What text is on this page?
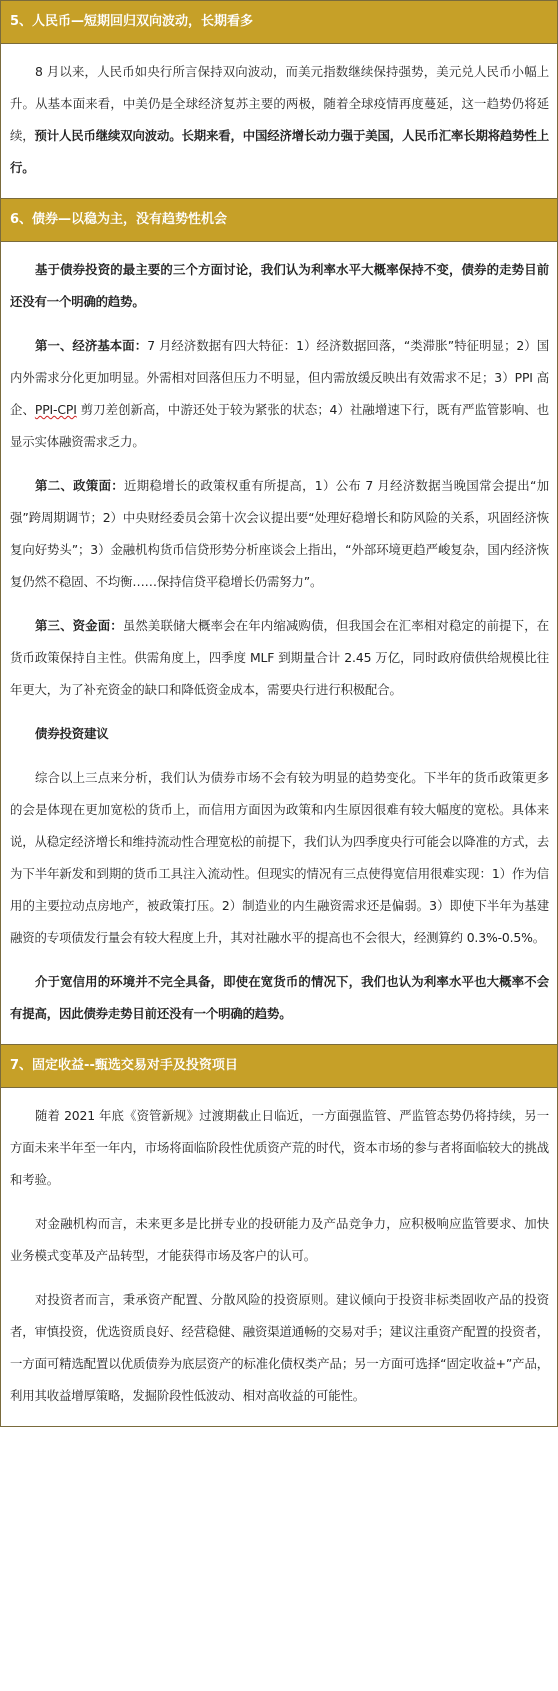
5、人民币—短期回归双向波动，长期看多

8 月以来，人民币如央行所言保持双向波动，而美元指数继续保持强势，美元兑人民币小幅上升。从基本面来看，中美仍是全球经济复苏主要的两极，随着全球疫情再度蔓延，这一趋势仍将延续，预计人民币继续双向波动。长期来看，中国经济增长动力强于美国，人民币汇率长期将趋势性上行。

6、债券—以稳为主，没有趋势性机会

基于债券投资的最主要的三个方面讨论，我们认为利率水平大概率保持不变，债券的走势目前还没有一个明确的趋势。

第一、经济基本面：7 月经济数据有四大特征：1）经济数据回落，“类滞胀”特征明显；2）国内外需求分化更加明显。外需相对回落但压力不明显，但内需放缓反映出有效需求不足；3）PPI 高企、PPI-CPI 剪刀差创新高，中游还处于较为紧张的状态；4）社融增速下行，既有严监管影响、也显示实体融资需求乏力。

第二、政策面：近期稳增长的政策权重有所提高，1）公布 7 月经济数据当晚国常会提出“加强”跨周期调节；2）中央财经委员会第十次会议提出要“处理好稳增长和防风险的关系，巩固经济恢复向好势头”；3）金融机构货币信贷形势分析座谈会上指出，“外部环境更趋严峻复杂，国内经济恢复仍然不稳固、不均衡……保持信贷平稳增长仍需努力”。

第三、资金面：虽然美联储大概率会在年内缩减购债，但我国会在汇率相对稳定的前提下，在货币政策保持自主性。供需角度上，四季度 MLF 到期量合计 2.45 万亿，同时政府债供给规模比往年更大，为了补充资金的缺口和降低资金成本，需要央行进行积极配合。

债券投资建议

综合以上三点来分析，我们认为债券市场不会有较为明显的趋势变化。下半年的货币政策更多的会是体现在更加宽松的货币上，而信用方面因为政策和内生原因很难有较大幅度的宽松。具体来说，从稳定经济增长和维持流动性合理宽松的前提下，我们认为四季度央行可能会以降准的方式，去为下半年新发和到期的货币工具注入流动性。但现实的情况有三点使得宽信用很难实现：1）作为信用的主要拉动点房地产，被政策打压。2）制造业的内生融资需求还是偏弱。3）即使下半年为基建融资的专项债发行量会有较大程度上升，其对社融水平的提高也不会很大，经测算约 0.3%-0.5%。

介于宽信用的环境并不完全具备，即使在宽货币的情况下，我们也认为利率水平也大概率不会有提高，因此债券走势目前还没有一个明确的趋势。

7、固定收益--甄选交易对手及投资项目

随着 2021 年底《资管新规》过渡期截止日临近，一方面强监管、严监管态势仍将持续，另一方面未来半年至一年内，市场将面临阶段性优质资产荒的时代，资本市场的参与者将面临较大的挑战和考验。

对金融机构而言，未来更多是比拼专业的投研能力及产品竞争力，应积极响应监管要求、加快业务模式变革及产品转型，才能获得市场及客户的认可。

对投资者而言，秉承资产配置、分散风险的投资原则。建议倾向于投资非标类固收产品的投资者，审慎投资，优选资质良好、经营稳健、融资渠道通畅的交易对手；建议注重资产配置的投资者，一方面可精选配置以优质债券为底层资产的标准化债权类产品；另一方面可选择“固定收益+”产品，利用其收益增厚策略，发掘阶段性低波动、相对高收益的可能性。
